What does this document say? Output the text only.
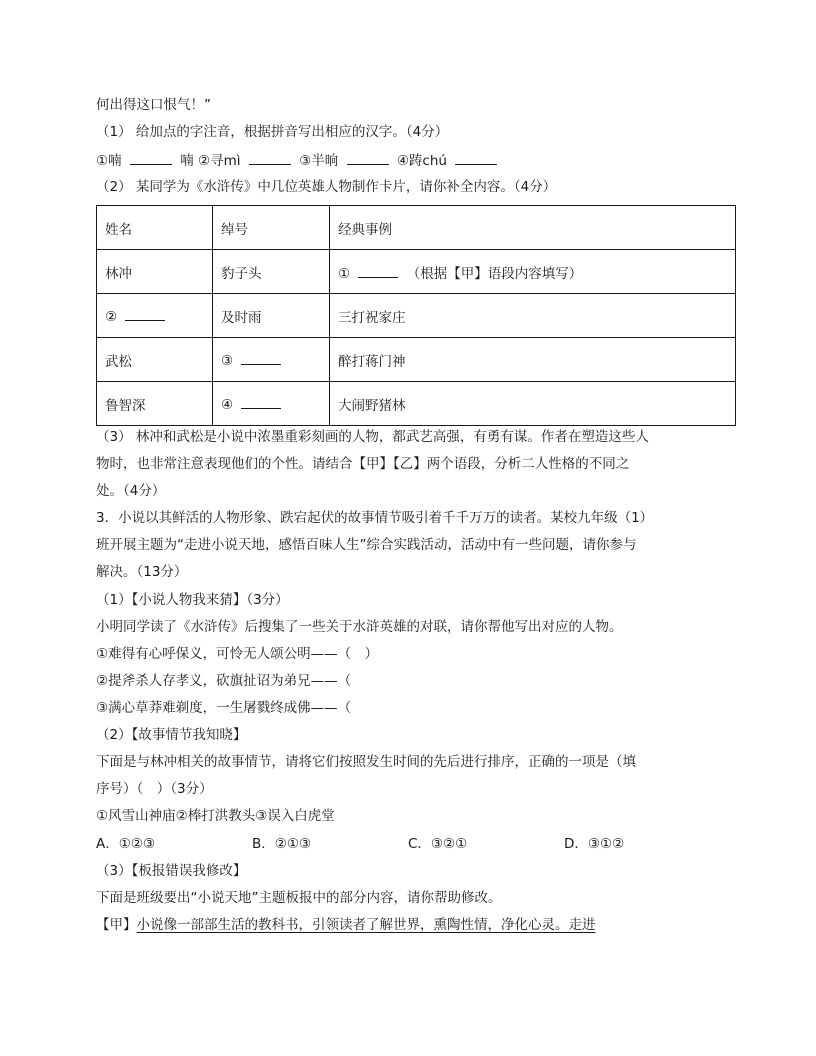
何出得这口恨气！”
（1） 给加点的字注音，根据拼音写出相应的汉字。（4分）
①喃	喃 ②寻mì	③半晌	④踌chú
（2） 某同学为《水浒传》中几位英雄人物制作卡片，请你补全内容。（4分）
姓名	绰号	经典事例
林冲	豹子头	① （根据【甲】语段内容填写）
②	及时雨	三打祝家庄
武松	③	醉打蒋门神
鲁智深	④	大闹野猪林
（3） 林冲和武松是小说中浓墨重彩刻画的人物，都武艺高强，有勇有谋。作者在塑造这些人
物时，也非常注意表现他们的个性。请结合【甲】【乙】两个语段，分析二人性格的不同之
处。（4分）
3．小说以其鲜活的人物形象、跌宕起伏的故事情节吸引着千千万万的读者。某校九年级（1）
班开展主题为“走进小说天地，感悟百味人生”综合实践活动，活动中有一些问题，请你参与
解决。（13分）
（1）【小说人物我来猜】（3分）
小明同学读了《水浒传》后搜集了一些关于水浒英雄的对联，请你帮他写出对应的人物。
①难得有心呼保义，可怜无人颂公明——（　）
②提斧杀人存孝义，砍旗扯诏为弟兄——（
③满心草莽难剃度，一生屠戮终成佛——（
（2）【故事情节我知晓】
下面是与林冲相关的故事情节，请将它们按照发生时间的先后进行排序，正确的一项是（填
序号）（　）（3分）
①风雪山神庙②棒打洪教头③误入白虎堂
A．①②③	B．②①③	C．③②①	D．③①②
（3）【板报错误我修改】
下面是班级要出“小说天地”主题板报中的部分内容，请你帮助修改。
【甲】小说像一部部生活的教科书，引领读者了解世界，熏陶性情，净化心灵。走进
